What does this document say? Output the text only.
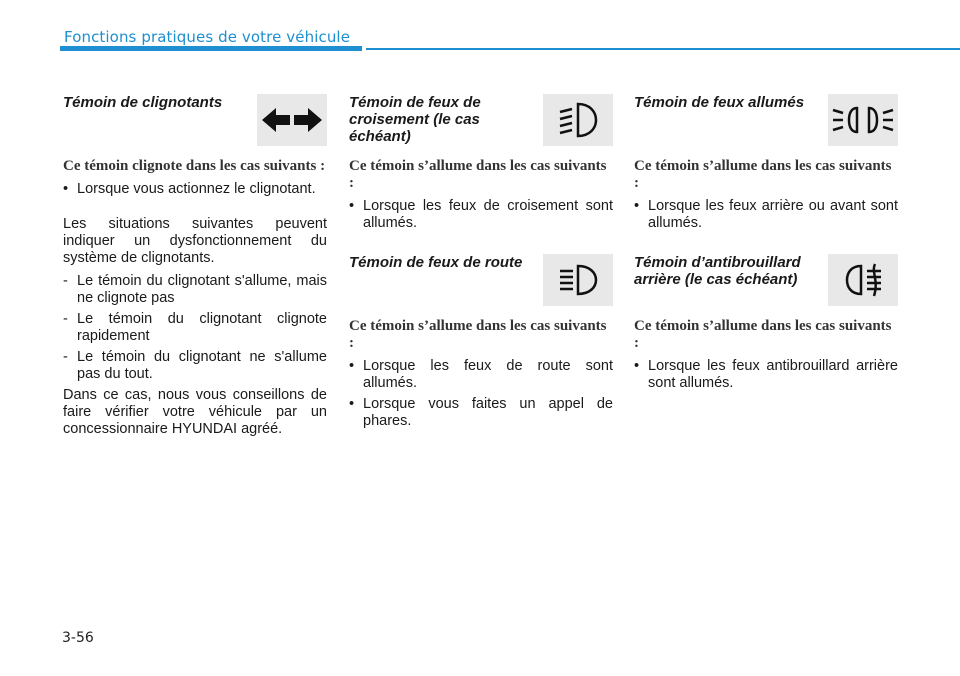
Fonctions pratiques de votre véhicule
Témoin de clignotants

Ce témoin clignote dans les cas suivants :

• Lorsque vous actionnez le clignotant.

Les situations suivantes peuvent indiquer un dysfonctionnement du système de clignotants.

- Le témoin du clignotant s'allume, mais ne clignote pas
- Le témoin du clignotant clignote rapidement
- Le témoin du clignotant ne s'allume pas du tout.

Dans ce cas, nous vous conseillons de faire vérifier votre véhicule par un concessionnaire HYUNDAI agréé.

Témoin de feux de croisement (le cas échéant)

Ce témoin s’allume dans les cas suivants :

• Lorsque les feux de croisement sont allumés.
Témoin de feux de route

Ce témoin s’allume dans les cas suivants :

• Lorsque les feux de route sont allumés.
• Lorsque vous faites un appel de phares.
Témoin de feux allumés

Ce témoin s’allume dans les cas suivants :

• Lorsque les feux arrière ou avant sont allumés.
Témoin d’antibrouillard arrière (le cas échéant)

Ce témoin s’allume dans les cas suivants :

• Lorsque les feux antibrouillard arrière sont allumés.
3-56
